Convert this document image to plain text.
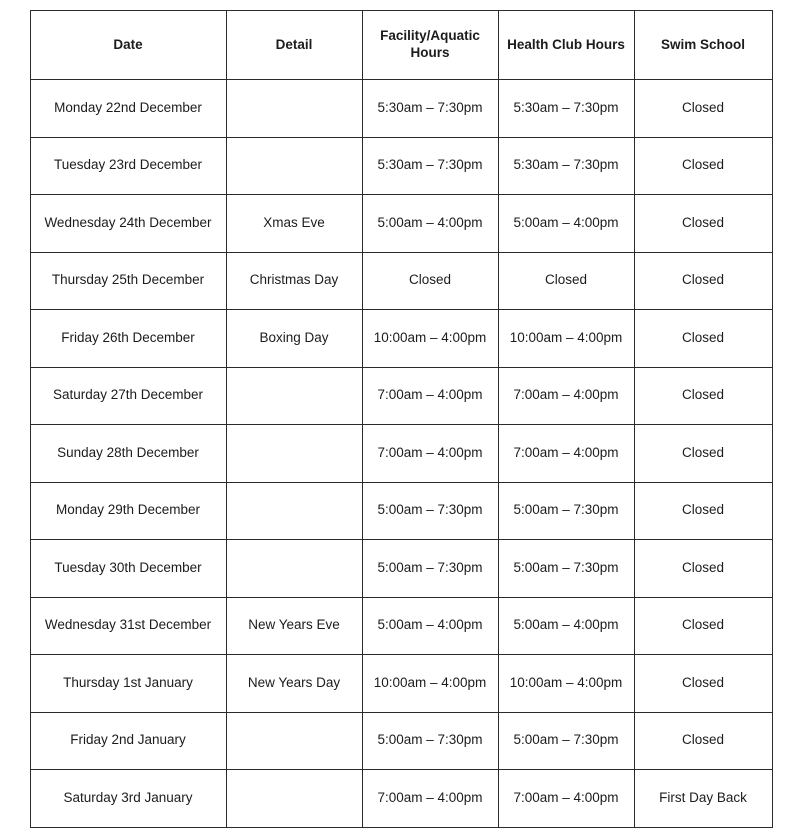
Date	Detail	Facility/Aquatic Hours	Health Club Hours	Swim School
Monday 22nd December		5:30am – 7:30pm	5:30am – 7:30pm	Closed
Tuesday 23rd December		5:30am – 7:30pm	5:30am – 7:30pm	Closed
Wednesday 24th December	Xmas Eve	5:00am – 4:00pm	5:00am – 4:00pm	Closed
Thursday 25th December	Christmas Day	Closed	Closed	Closed
Friday 26th December	Boxing Day	10:00am – 4:00pm	10:00am – 4:00pm	Closed
Saturday 27th December		7:00am – 4:00pm	7:00am – 4:00pm	Closed
Sunday 28th December		7:00am – 4:00pm	7:00am – 4:00pm	Closed
Monday 29th December		5:00am – 7:30pm	5:00am – 7:30pm	Closed
Tuesday 30th December		5:00am – 7:30pm	5:00am – 7:30pm	Closed
Wednesday 31st December	New Years Eve	5:00am – 4:00pm	5:00am – 4:00pm	Closed
Thursday 1st January	New Years Day	10:00am – 4:00pm	10:00am – 4:00pm	Closed
Friday 2nd January		5:00am – 7:30pm	5:00am – 7:30pm	Closed
Saturday 3rd January		7:00am – 4:00pm	7:00am – 4:00pm	First Day Back
